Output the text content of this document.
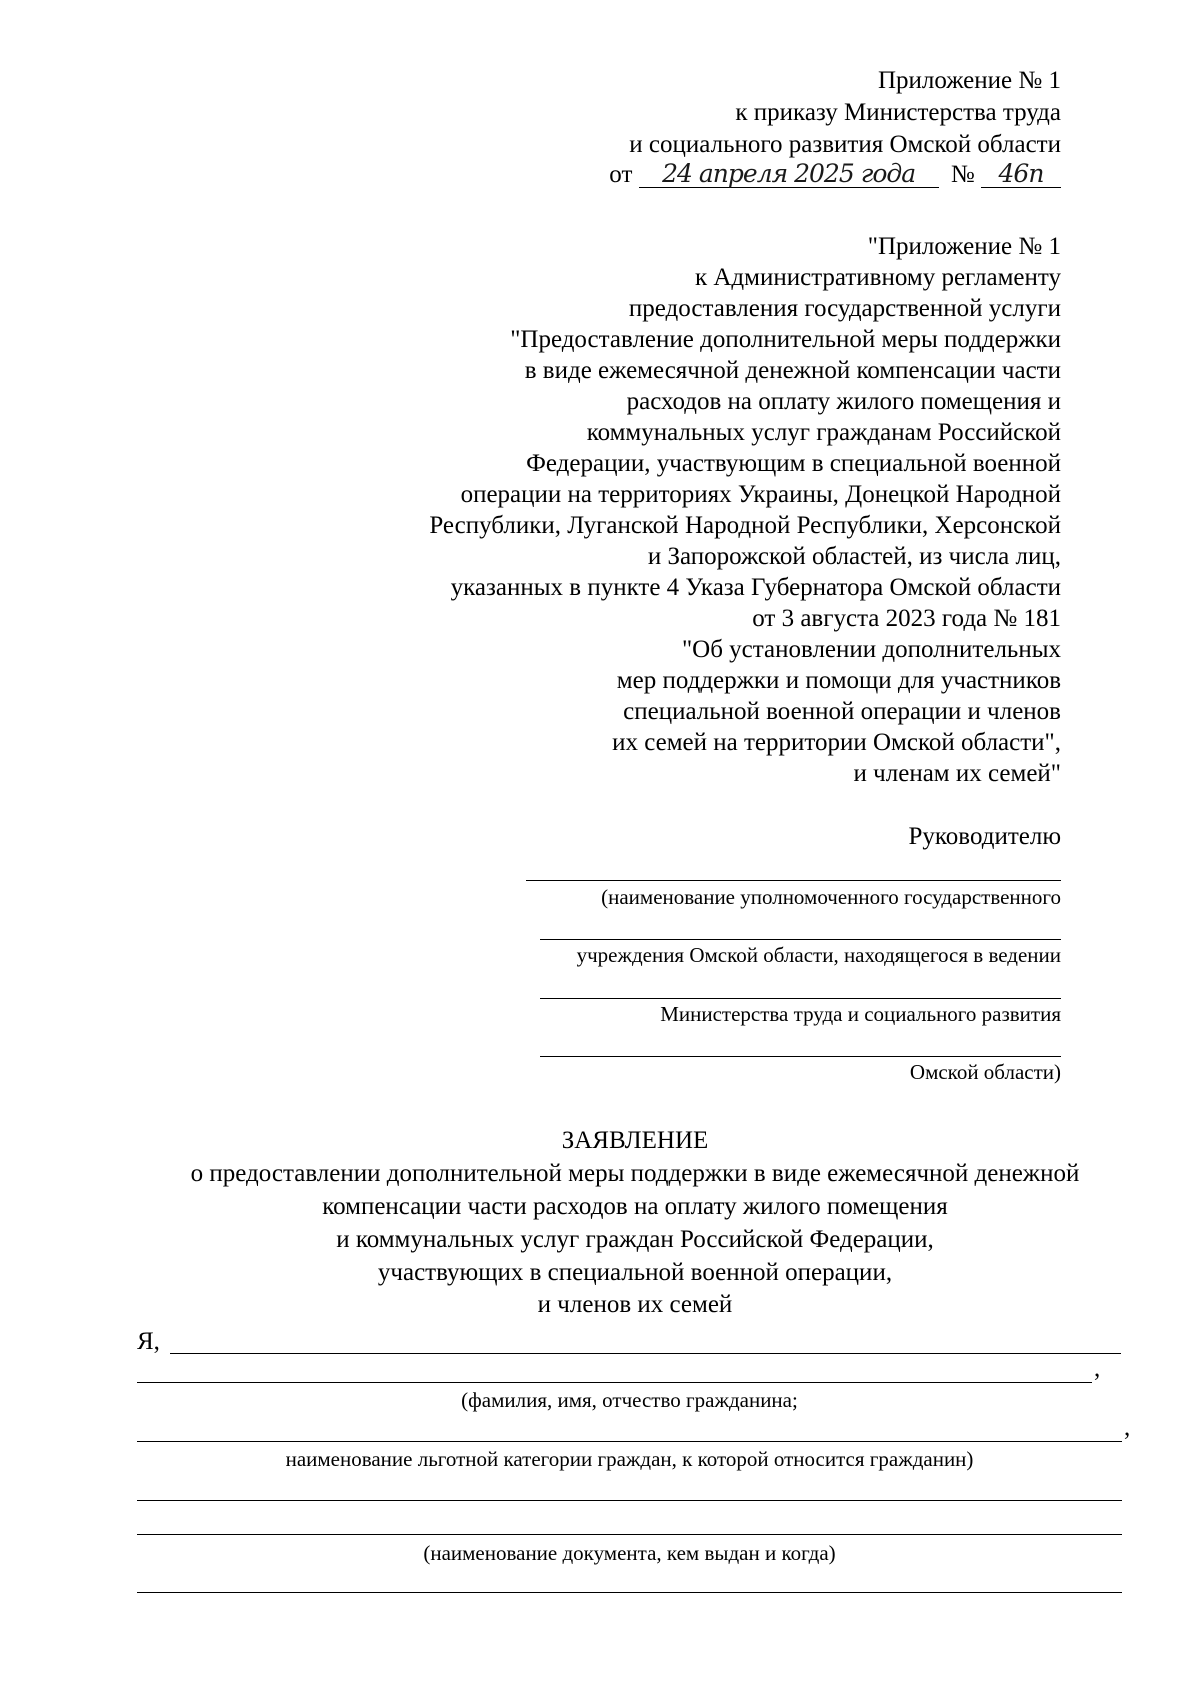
Приложение № 1
к приказу Министерства труда
и социального развития Омской области
от 24 апреля 2025 года № 46п
"Приложение № 1
к Административному регламенту
предоставления государственной услуги
"Предоставление дополнительной меры поддержки
в виде ежемесячной денежной компенсации части
расходов на оплату жилого помещения и
коммунальных услуг гражданам Российской
Федерации, участвующим в специальной военной
операции на территориях Украины, Донецкой Народной
Республики, Луганской Народной Республики, Херсонской
и Запорожской областей, из числа лиц,
указанных в пункте 4 Указа Губернатора Омской области
от 3 августа 2023 года № 181
"Об установлении дополнительных
мер поддержки и помощи для участников
специальной военной операции и членов
их семей на территории Омской области",
и членам их семей"
Руководителю
(наименование уполномоченного государственного
учреждения Омской области, находящегося в ведении
Министерства труда и социального развития
Омской области)
ЗАЯВЛЕНИЕ
о предоставлении дополнительной меры поддержки в виде ежемесячной денежной
компенсации части расходов на оплату жилого помещения
и коммунальных услуг граждан Российской Федерации,
участвующих в специальной военной операции,
и членов их семей
Я,
,
(фамилия, имя, отчество гражданина;
,
наименование льготной категории граждан, к которой относится гражданин)
(наименование документа, кем выдан и когда)
